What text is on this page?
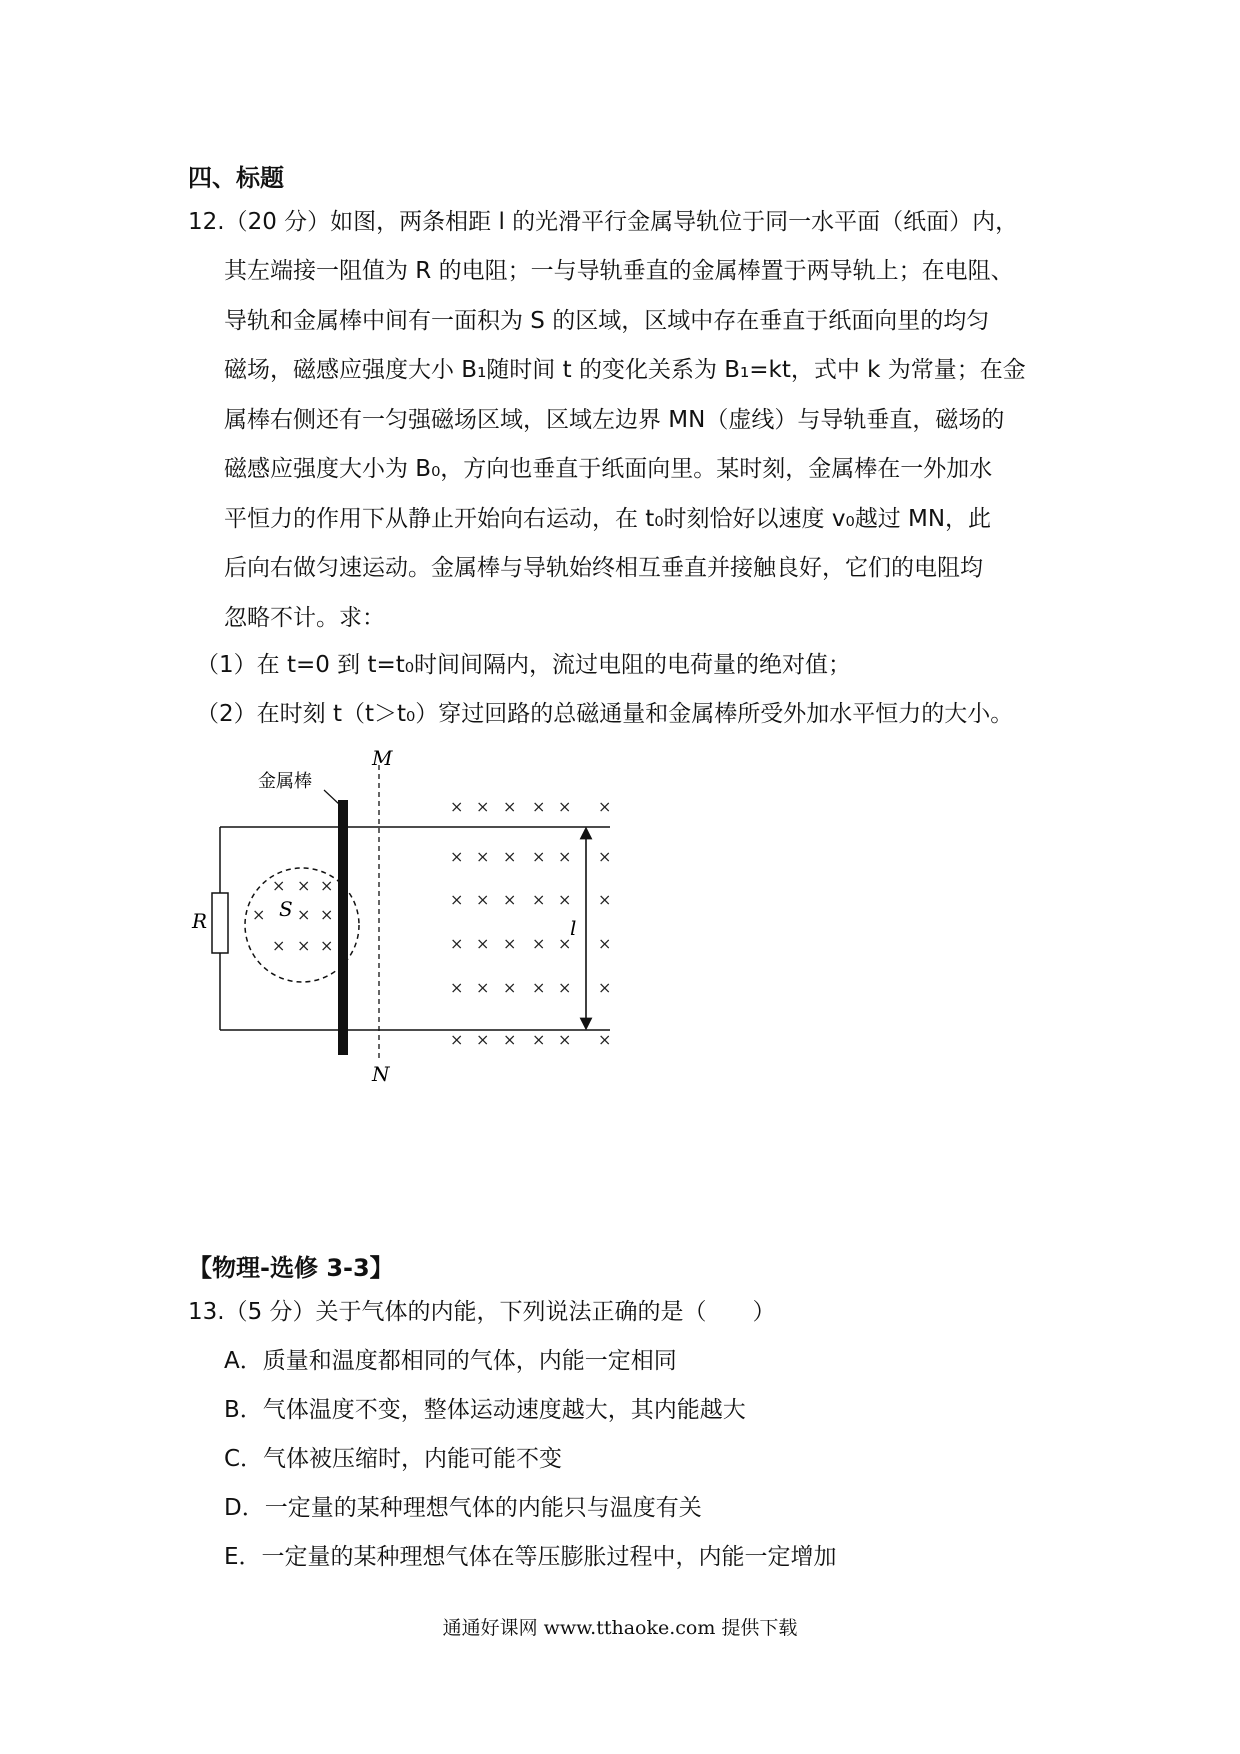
四、标题
12.（20 分）如图，两条相距 l 的光滑平行金属导轨位于同一水平面（纸面）内，
其左端接一阻值为 R 的电阻；一与导轨垂直的金属棒置于两导轨上；在电阻、
导轨和金属棒中间有一面积为 S 的区域，区域中存在垂直于纸面向里的均匀
磁场，磁感应强度大小 B₁随时间 t 的变化关系为 B₁=kt，式中 k 为常量；在金
属棒右侧还有一匀强磁场区域，区域左边界 MN（虚线）与导轨垂直，磁场的
磁感应强度大小为 B₀，方向也垂直于纸面向里。某时刻，金属棒在一外加水
平恒力的作用下从静止开始向右运动，在 t₀时刻恰好以速度 v₀越过 MN，此
后向右做匀速运动。金属棒与导轨始终相互垂直并接触良好，它们的电阻均
忽略不计。求：
（1）在 t=0 到 t=t₀时间间隔内，流过电阻的电荷量的绝对值；
（2）在时刻 t（t＞t₀）穿过回路的总磁通量和金属棒所受外加水平恒力的大小。
R	S
× × ×
× × ×
× × ×
金属棒
M
N
× × × × ×
× × × × ×
× × × × ×
× × × × ×
× × × × ×
× × × × ×
×
×
×
×
×
×
l
【物理-选修 3-3】
13.（5 分）关于气体的内能，下列说法正确的是（　　）
A．质量和温度都相同的气体，内能一定相同
B．气体温度不变，整体运动速度越大，其内能越大
C．气体被压缩时，内能可能不变
D．一定量的某种理想气体的内能只与温度有关
E．一定量的某种理想气体在等压膨胀过程中，内能一定增加
通通好课网 www.tthaoke.com 提供下载
